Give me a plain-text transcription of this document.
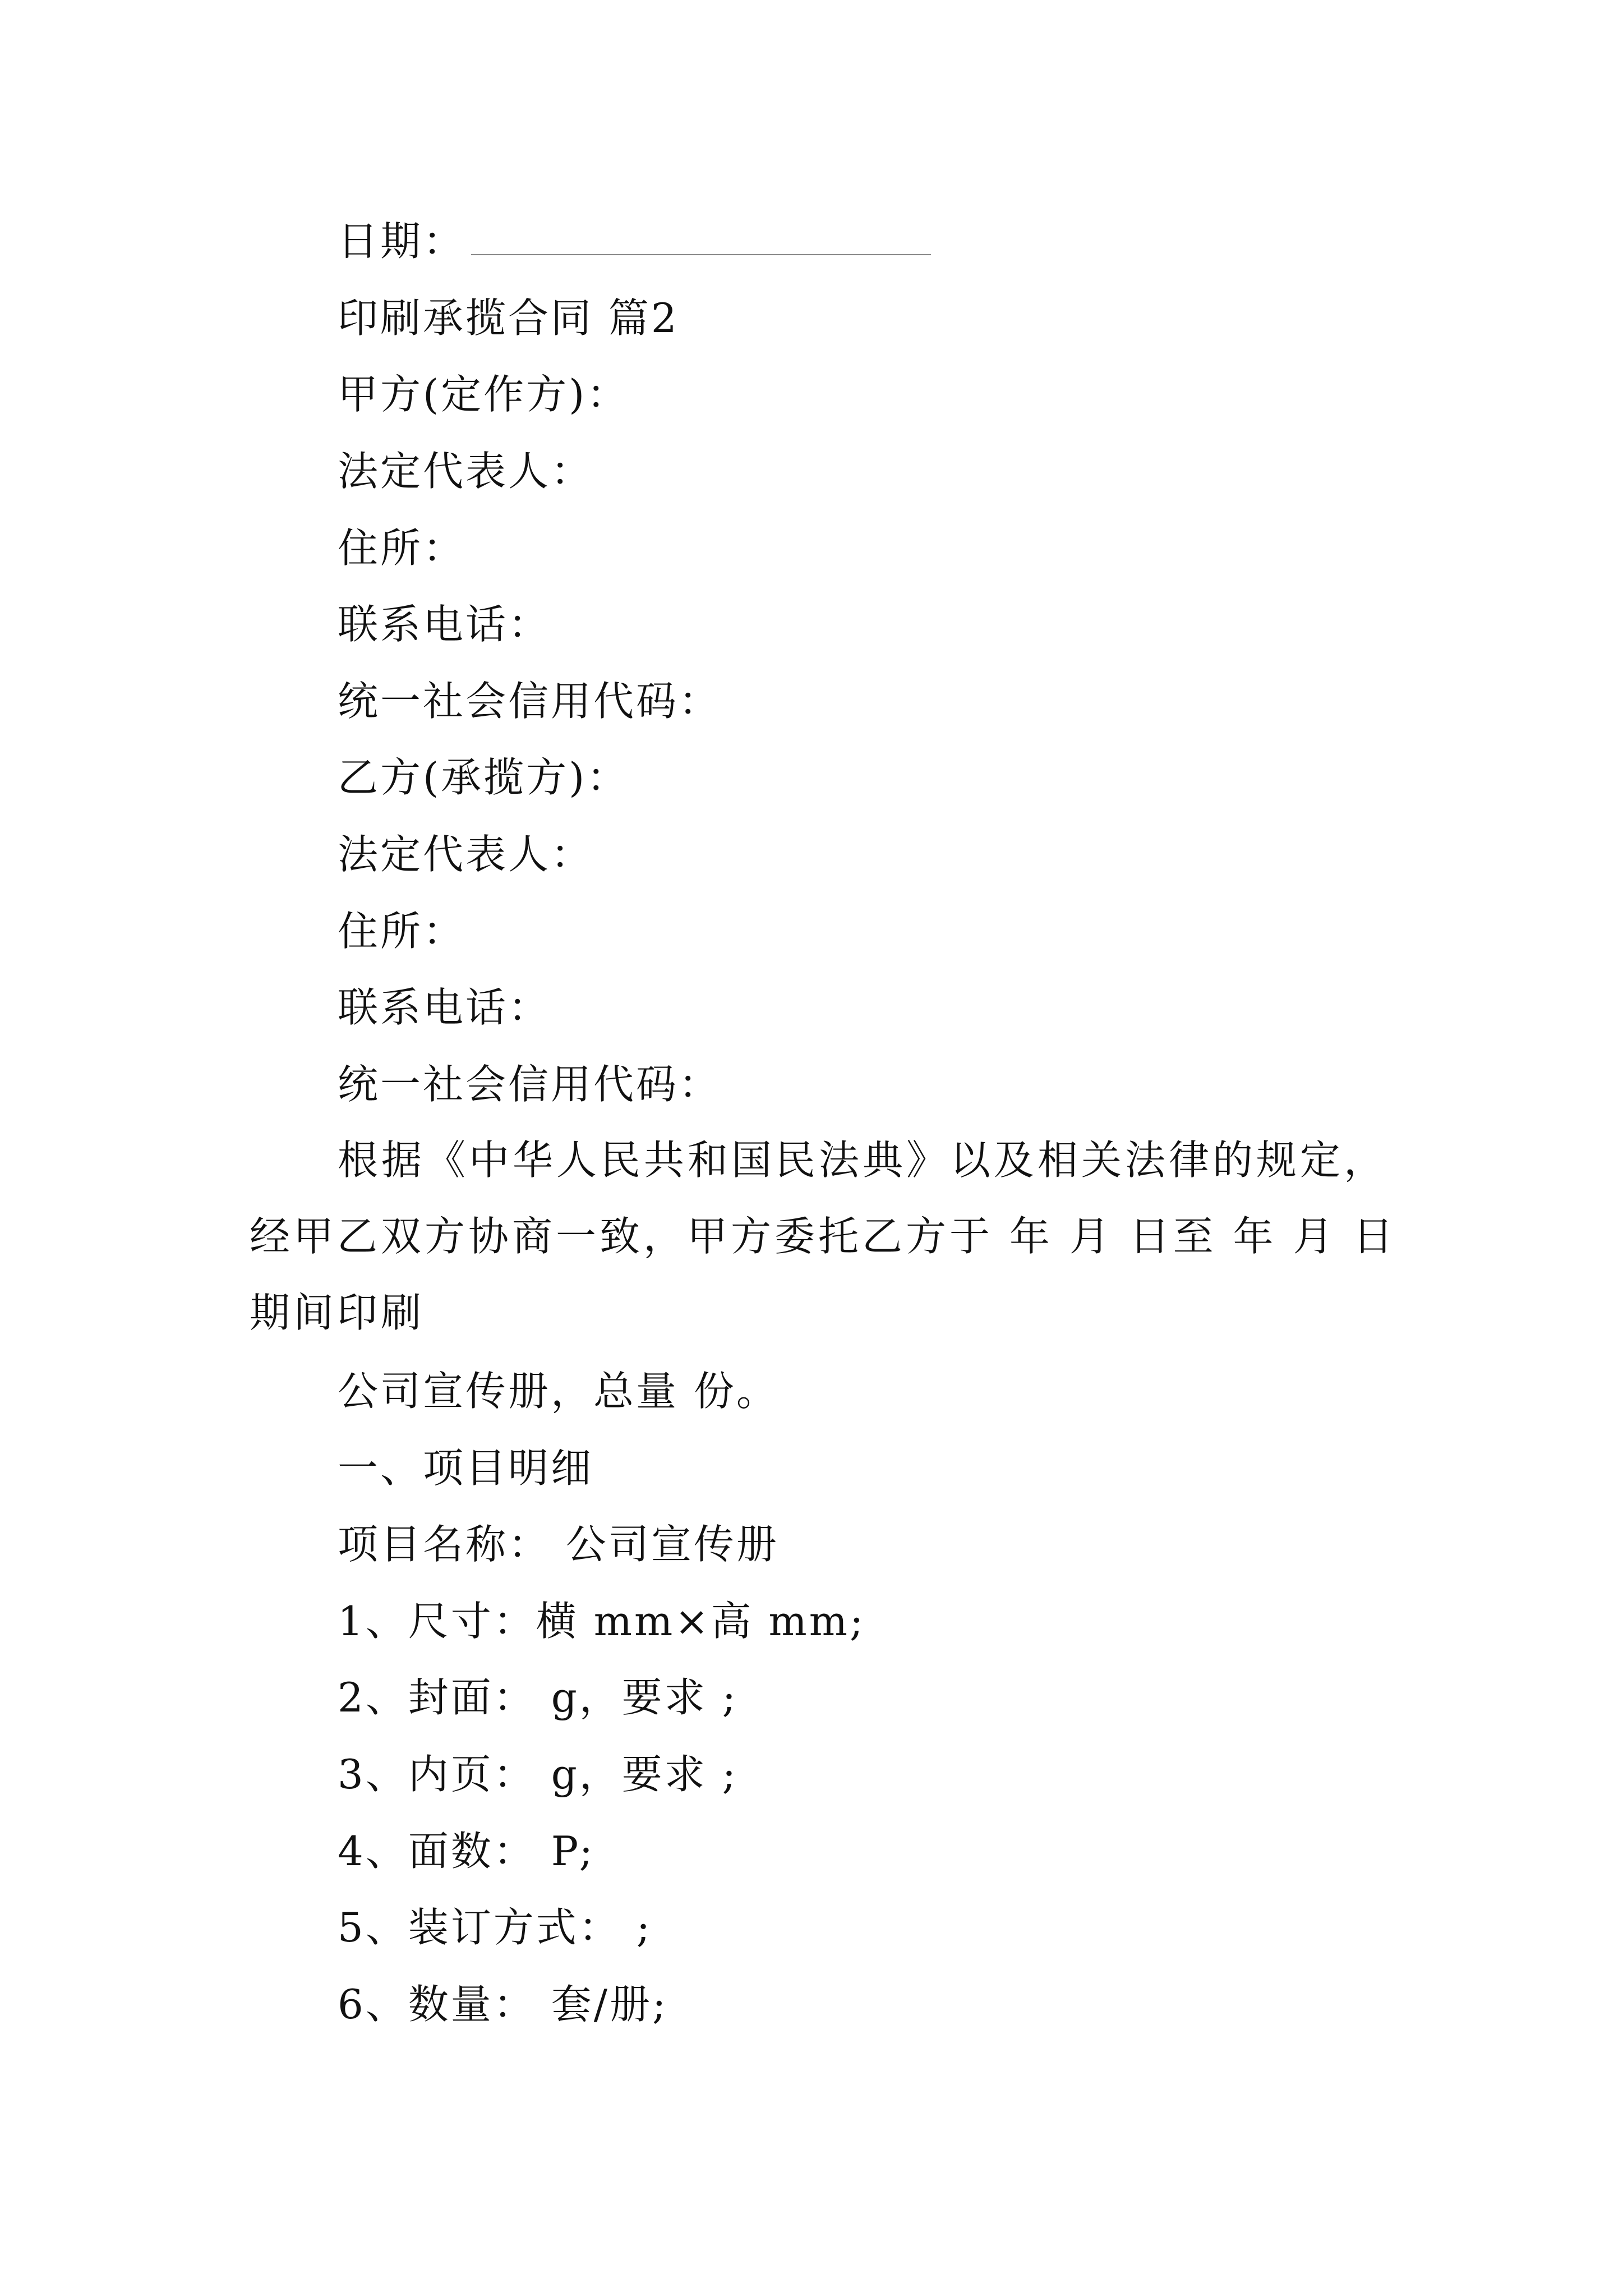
日期：
印刷承揽合同 篇2
甲方(定作方)：
法定代表人：
住所：
联系电话：
统一社会信用代码：
乙方(承揽方)：
法定代表人：
住所：
联系电话：
统一社会信用代码：

根据《中华人民共和国民法典》以及相关法律的规定，经甲乙双方协商一致，甲方委托乙方于 年 月 日至 年 月 日期间印刷

公司宣传册，总量 份。
一、项目明细
项目名称： 公司宣传册
1、尺寸：横 mm×高 mm;
2、封面： g，要求 ;
3、内页： g，要求 ;
4、面数： P;
5、装订方式： ;
6、数量： 套/册;
